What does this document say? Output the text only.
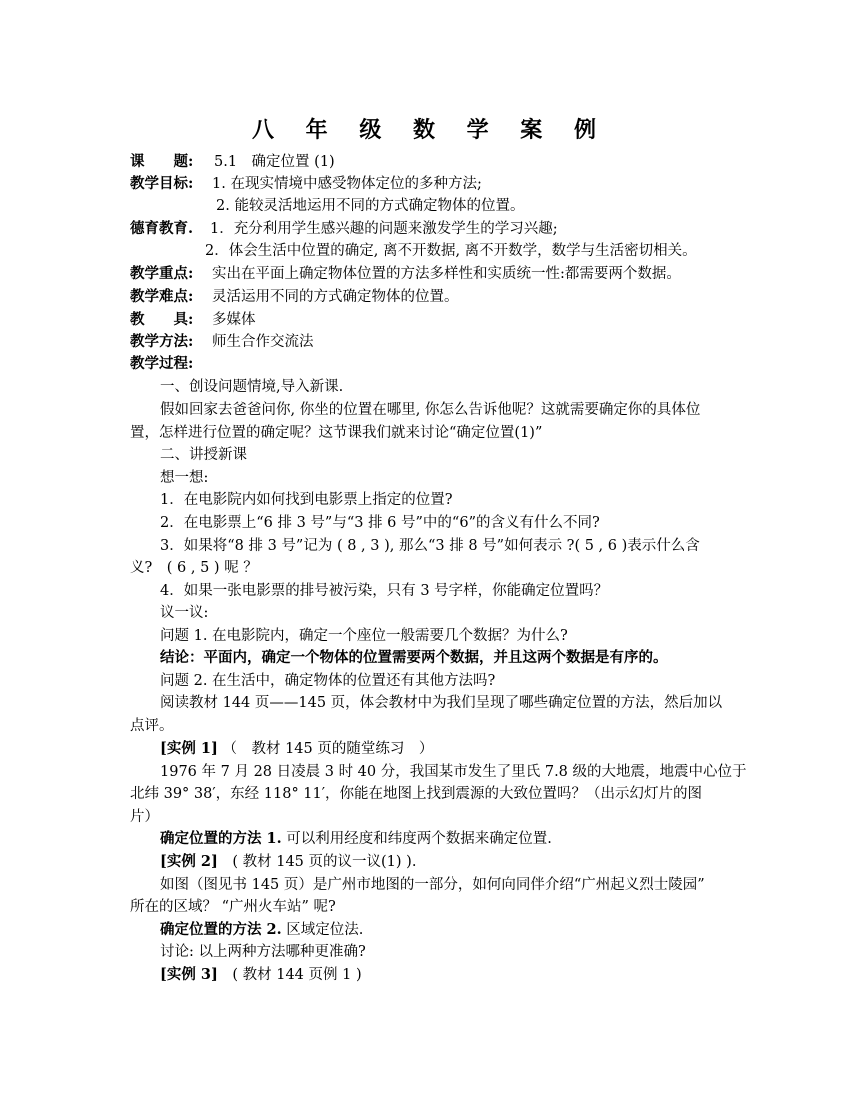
八 年 级 数 学 案 例
课　　题: 5.1　确定位置 (1)
教学目标: 1. 在现实情境中感受物体定位的多种方法;
2. 能较灵活地运用不同的方式确定物体的位置。
德育教育. 1．充分利用学生感兴趣的问题来激发学生的学习兴趣;
2．体会生活中位置的确定, 离不开数据, 离不开数学，数学与生活密切相关。
教学重点: 实出在平面上确定物体位置的方法多样性和实质统一性:都需要两个数据。
教学难点: 灵活运用不同的方式确定物体的位置。
教　　具: 多媒体
教学方法: 师生合作交流法
教学过程:
一、创设问题情境,导入新课.
假如回家去爸爸问你, 你坐的位置在哪里, 你怎么告诉他呢？这就需要确定你的具体位
置，怎样进行位置的确定呢？这节课我们就来讨论“确定位置(1)”
二、讲授新课
想一想:
1．在电影院内如何找到电影票上指定的位置?
2．在电影票上“6 排 3 号”与“3 排 6 号”中的“6”的含义有什么不同?
3．如果将“8 排 3 号”记为 ( 8 , 3 ), 那么“3 排 8 号”如何表示 ?( 5 , 6 )表示什么含
义?　( 6 , 5 ) 呢 ？
4．如果一张电影票的排号被污染，只有 3 号字样，你能确定位置吗？
议一议:
问题 1. 在电影院内，确定一个座位一般需要几个数据？为什么?
结论：平面内，确定一个物体的位置需要两个数据，并且这两个数据是有序的。
问题 2. 在生活中，确定物体的位置还有其他方法吗?
阅读教材 144 页——145 页，体会教材中为我们呈现了哪些确定位置的方法，然后加以
点评。
[实例 1] （　教材 145 页的随堂练习　）
1976 年 7 月 28 日凌晨 3 时 40 分，我国某市发生了里氏 7.8 级的大地震，地震中心位于
北纬 39° 38′，东经 118° 11′，你能在地图上找到震源的大致位置吗？（出示幻灯片的图
片）
确定位置的方法 1. 可以利用经度和纬度两个数据来确定位置.
[实例 2]　( 教材 145 页的议一议(1) ).
如图（图见书 145 页）是广州市地图的一部分，如何向同伴介绍“广州起义烈士陵园”
所在的区域？ “广州火车站” 呢?
确定位置的方法 2. 区域定位法.
讨论: 以上两种方法哪种更准确?
[实例 3]　( 教材 144 页例 1 )
